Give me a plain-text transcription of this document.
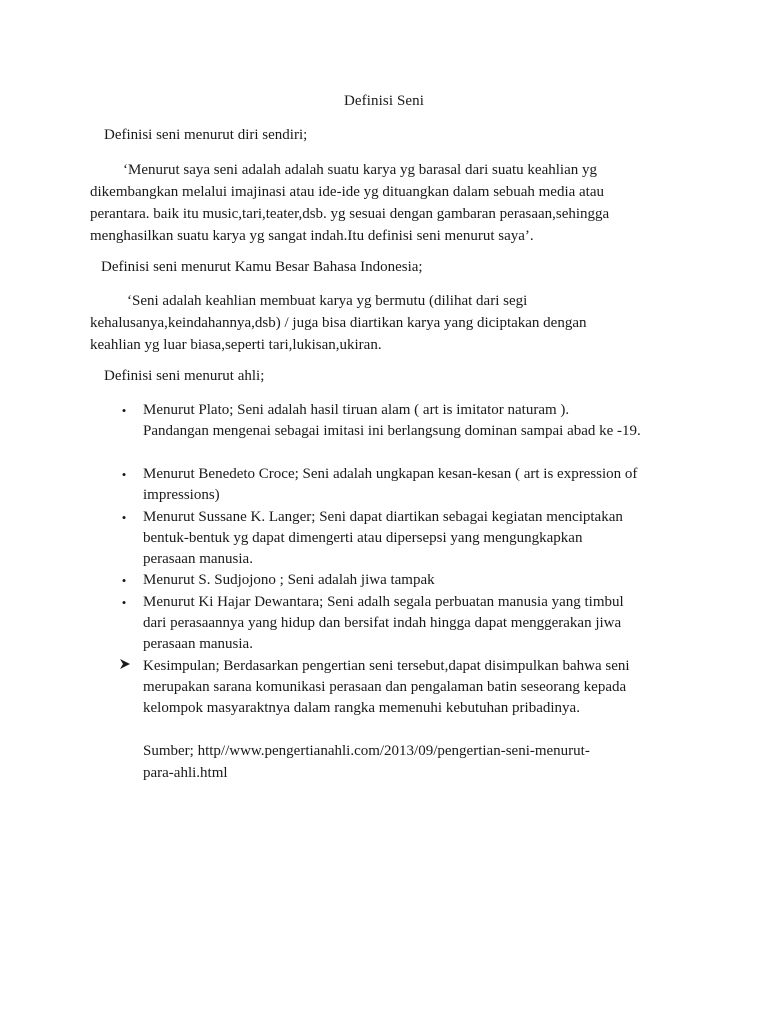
Definisi Seni
Definisi seni menurut diri sendiri;
‘Menurut saya seni adalah adalah suatu karya yg barasal dari suatu keahlian yg
dikembangkan melalui imajinasi atau ide-ide yg dituangkan dalam sebuah media atau
perantara. baik itu music,tari,teater,dsb. yg sesuai dengan gambaran perasaan,sehingga
menghasilkan suatu karya yg sangat indah.Itu definisi seni menurut saya’.
Definisi seni menurut Kamu Besar Bahasa Indonesia;
‘Seni adalah keahlian membuat karya yg bermutu (dilihat dari segi
kehalusanya,keindahannya,dsb) / juga bisa diartikan karya yang diciptakan dengan
keahlian yg luar biasa,seperti tari,lukisan,ukiran.
Definisi seni menurut ahli;
• Menurut Plato; Seni adalah hasil tiruan alam ( art is imitator naturam ).
Pandangan mengenai sebagai imitasi ini berlangsung dominan sampai abad ke -19.
• Menurut Benedeto Croce; Seni adalah ungkapan kesan-kesan ( art is expression of
impressions)
• Menurut Sussane K. Langer; Seni dapat diartikan sebagai kegiatan menciptakan
bentuk-bentuk yg dapat dimengerti atau dipersepsi yang mengungkapkan
perasaan manusia.
• Menurut S. Sudjojono ; Seni adalah jiwa tampak
• Menurut Ki Hajar Dewantara; Seni adalh segala perbuatan manusia yang timbul
dari perasaannya yang hidup dan bersifat indah hingga dapat menggerakan jiwa
perasaan manusia.
Kesimpulan; Berdasarkan pengertian seni tersebut,dapat disimpulkan bahwa seni
merupakan sarana komunikasi perasaan dan pengalaman batin seseorang kepada
kelompok masyaraktnya dalam rangka memenuhi kebutuhan pribadinya.
Sumber; http//www.pengertianahli.com/2013/09/pengertian-seni-menurut-
para-ahli.html
